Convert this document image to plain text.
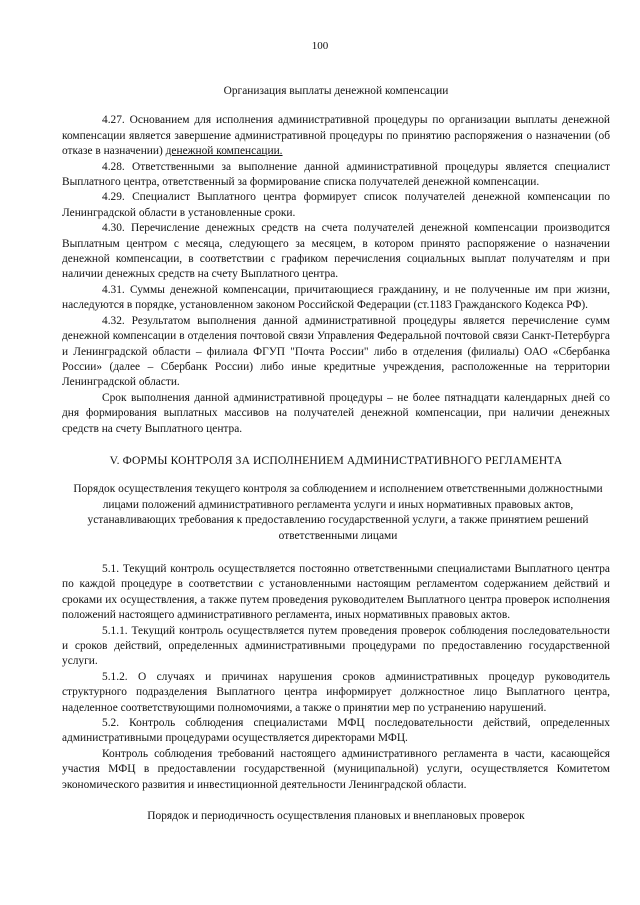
100

Организация выплаты денежной компенсации

4.27. Основанием для исполнения административной процедуры по организации выплаты денежной компенсации является завершение административной процедуры по принятию распоряжения о назначении (об отказе в назначении) денежной компенсации.

4.28. Ответственными за выполнение данной административной процедуры является специалист Выплатного центра, ответственный за формирование списка получателей денежной компенсации.

4.29. Специалист Выплатного центра формирует список получателей денежной компенсации по Ленинградской области в установленные сроки.

4.30. Перечисление денежных средств на счета получателей денежной компенсации производится Выплатным центром с месяца, следующего за месяцем, в котором принято распоряжение о назначении денежной компенсации, в соответствии с графиком перечисления социальных выплат получателям и при наличии денежных средств на счету Выплатного центра.

4.31. Суммы денежной компенсации, причитающиеся гражданину, и не полученные им при жизни, наследуются в порядке, установленном законом Российской Федерации (ст.1183 Гражданского Кодекса РФ).

4.32. Результатом выполнения данной административной процедуры является перечисление сумм денежной компенсации в отделения почтовой связи Управления Федеральной почтовой связи Санкт-Петербурга и Ленинградской области – филиала ФГУП "Почта России" либо в отделения (филиалы) ОАО «Сбербанка России» (далее – Сбербанк России) либо иные кредитные учреждения, расположенные на территории Ленинградской области.

Срок выполнения данной административной процедуры – не более пятнадцати календарных дней со дня формирования выплатных массивов на получателей денежной компенсации, при наличии денежных средств на счету Выплатного центра.

V. ФОРМЫ КОНТРОЛЯ ЗА ИСПОЛНЕНИЕМ АДМИНИСТРАТИВНОГО РЕГЛАМЕНТА

Порядок осуществления текущего контроля за соблюдением и исполнением ответственными должностными лицами положений административного регламента услуги и иных нормативных правовых актов, устанавливающих требования к предоставлению государственной услуги, а также принятием решений ответственными лицами

5.1. Текущий контроль осуществляется постоянно ответственными специалистами Выплатного центра по каждой процедуре в соответствии с установленными настоящим регламентом содержанием действий и сроками их осуществления, а также путем проведения руководителем Выплатного центра проверок исполнения положений настоящего административного регламента, иных нормативных правовых актов.

5.1.1. Текущий контроль осуществляется путем проведения проверок соблюдения последовательности и сроков действий, определенных административными процедурами по предоставлению государственной услуги.

5.1.2. О случаях и причинах нарушения сроков административных процедур руководитель структурного подразделения Выплатного центра информирует должностное лицо Выплатного центра, наделенное соответствующими полномочиями, а также о принятии мер по устранению нарушений.

5.2. Контроль соблюдения специалистами МФЦ последовательности действий, определенных административными процедурами осуществляется директорами МФЦ.

Контроль соблюдения требований настоящего административного регламента в части, касающейся участия МФЦ в предоставлении государственной (муниципальной) услуги, осуществляется Комитетом экономического развития и инвестиционной деятельности Ленинградской области.

Порядок и периодичность осуществления плановых и внеплановых проверок
